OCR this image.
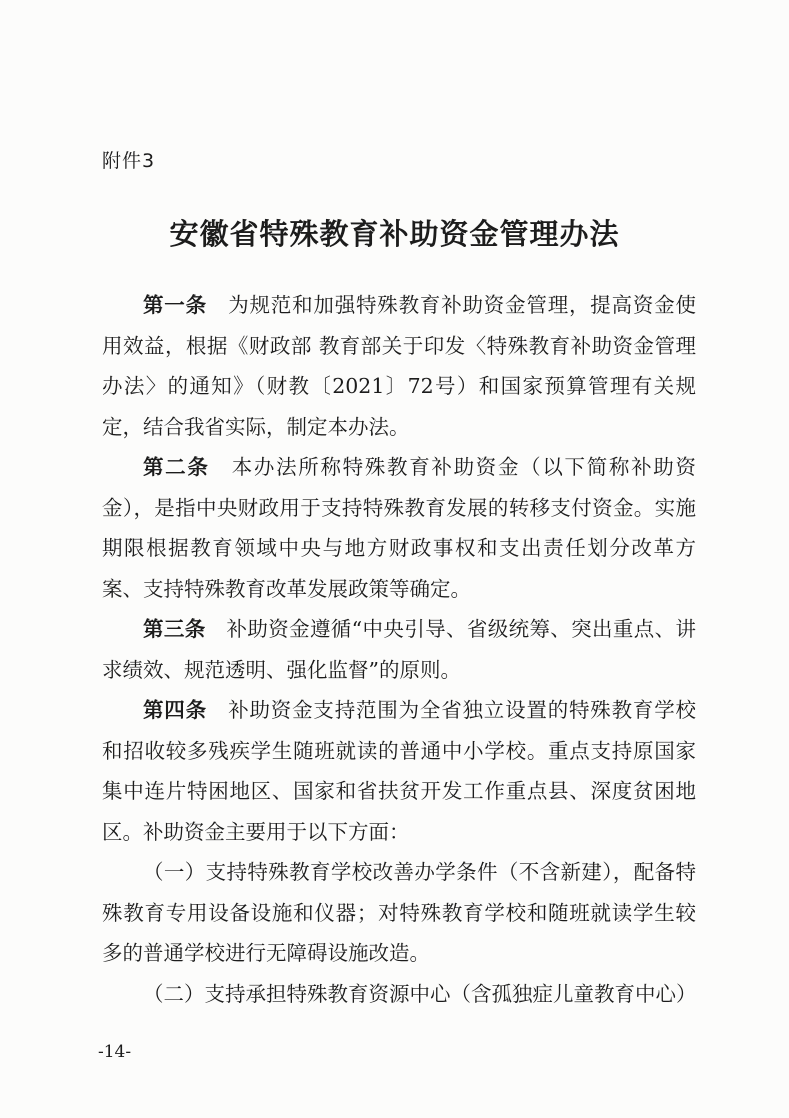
附件3
安徽省特殊教育补助资金管理办法

第一条  为规范和加强特殊教育补助资金管理，提高资金使用效益，根据《财政部 教育部关于印发〈特殊教育补助资金管理办法〉的通知》（财教〔2021〕72号）和国家预算管理有关规定，结合我省实际，制定本办法。

第二条  本办法所称特殊教育补助资金（以下简称补助资金），是指中央财政用于支持特殊教育发展的转移支付资金。实施期限根据教育领域中央与地方财政事权和支出责任划分改革方案、支持特殊教育改革发展政策等确定。

第三条  补助资金遵循“中央引导、省级统筹、突出重点、讲求绩效、规范透明、强化监督”的原则。

第四条  补助资金支持范围为全省独立设置的特殊教育学校和招收较多残疾学生随班就读的普通中小学校。重点支持原国家集中连片特困地区、国家和省扶贫开发工作重点县、深度贫困地区。补助资金主要用于以下方面：

（一）支持特殊教育学校改善办学条件（不含新建），配备特殊教育专用设备设施和仪器；对特殊教育学校和随班就读学生较多的普通学校进行无障碍设施改造。

（二）支持承担特殊教育资源中心（含孤独症儿童教育中心）

-14-
